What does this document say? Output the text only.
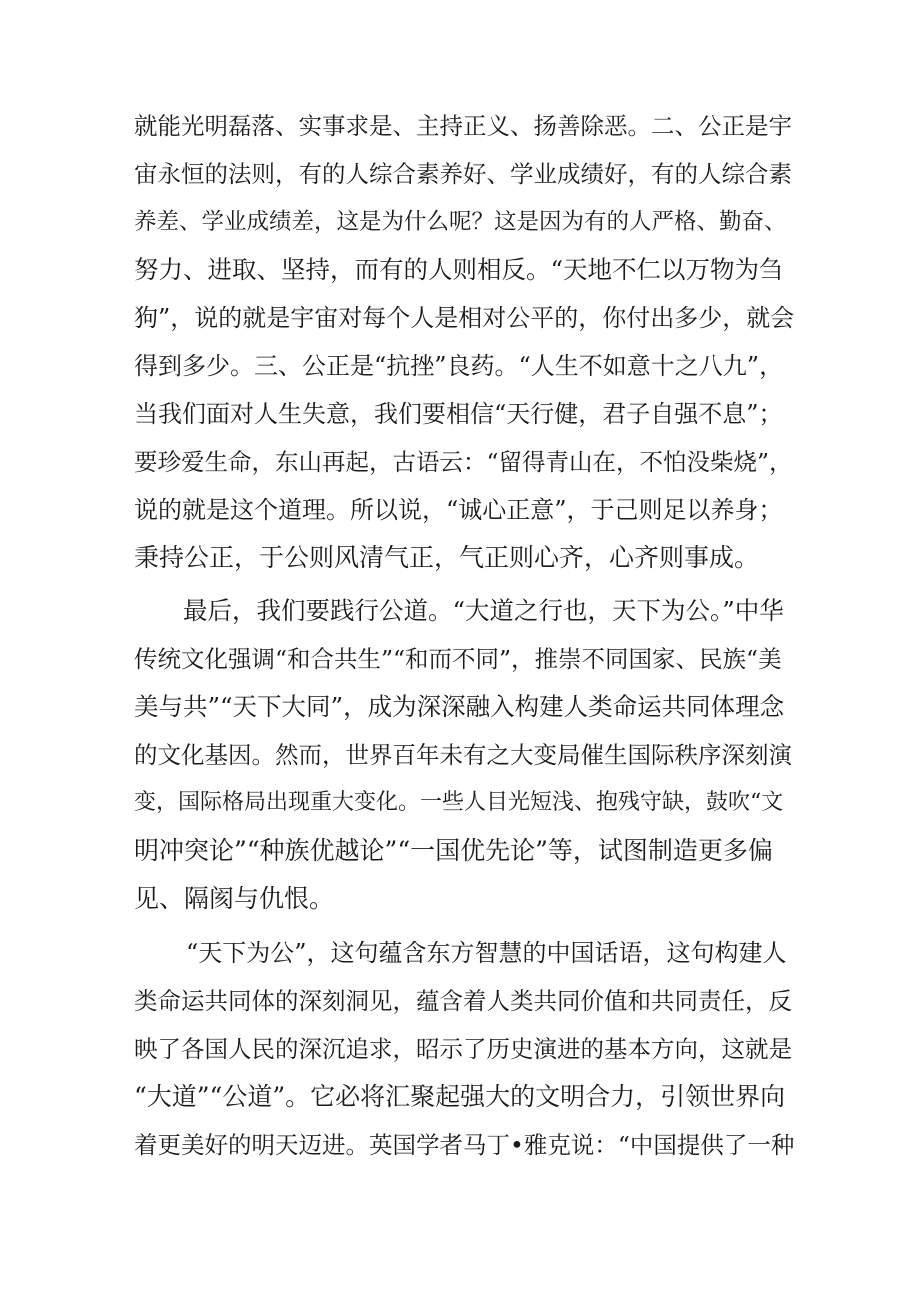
就能光明磊落、实事求是、主持正义、扬善除恶。二、公正是宇
宙永恒的法则，有的人综合素养好、学业成绩好，有的人综合素
养差、学业成绩差，这是为什么呢？这是因为有的人严格、勤奋、
努力、进取、坚持，而有的人则相反。“天地不仁以万物为刍
狗”，说的就是宇宙对每个人是相对公平的，你付出多少，就会
得到多少。三、公正是“抗挫”良药。“人生不如意十之八九”，
当我们面对人生失意，我们要相信“天行健，君子自强不息”；
要珍爱生命，东山再起，古语云：“留得青山在，不怕没柴烧”，
说的就是这个道理。所以说，“诚心正意”，于己则足以养身；
秉持公正，于公则风清气正，气正则心齐，心齐则事成。
最后，我们要践行公道。“大道之行也，天下为公。”中华
传统文化强调“和合共生”“和而不同”，推崇不同国家、民族“美
美与共”“天下大同”，成为深深融入构建人类命运共同体理念
的文化基因。然而，世界百年未有之大变局催生国际秩序深刻演
变，国际格局出现重大变化。一些人目光短浅、抱残守缺，鼓吹“文
明冲突论”“种族优越论”“一国优先论”等，试图制造更多偏
见、隔阂与仇恨。
“天下为公”，这句蕴含东方智慧的中国话语，这句构建人
类命运共同体的深刻洞见，蕴含着人类共同价值和共同责任，反
映了各国人民的深沉追求，昭示了历史演进的基本方向，这就是
“大道”“公道”。它必将汇聚起强大的文明合力，引领世界向
着更美好的明天迈进。英国学者马丁•雅克说：“中国提供了一种
